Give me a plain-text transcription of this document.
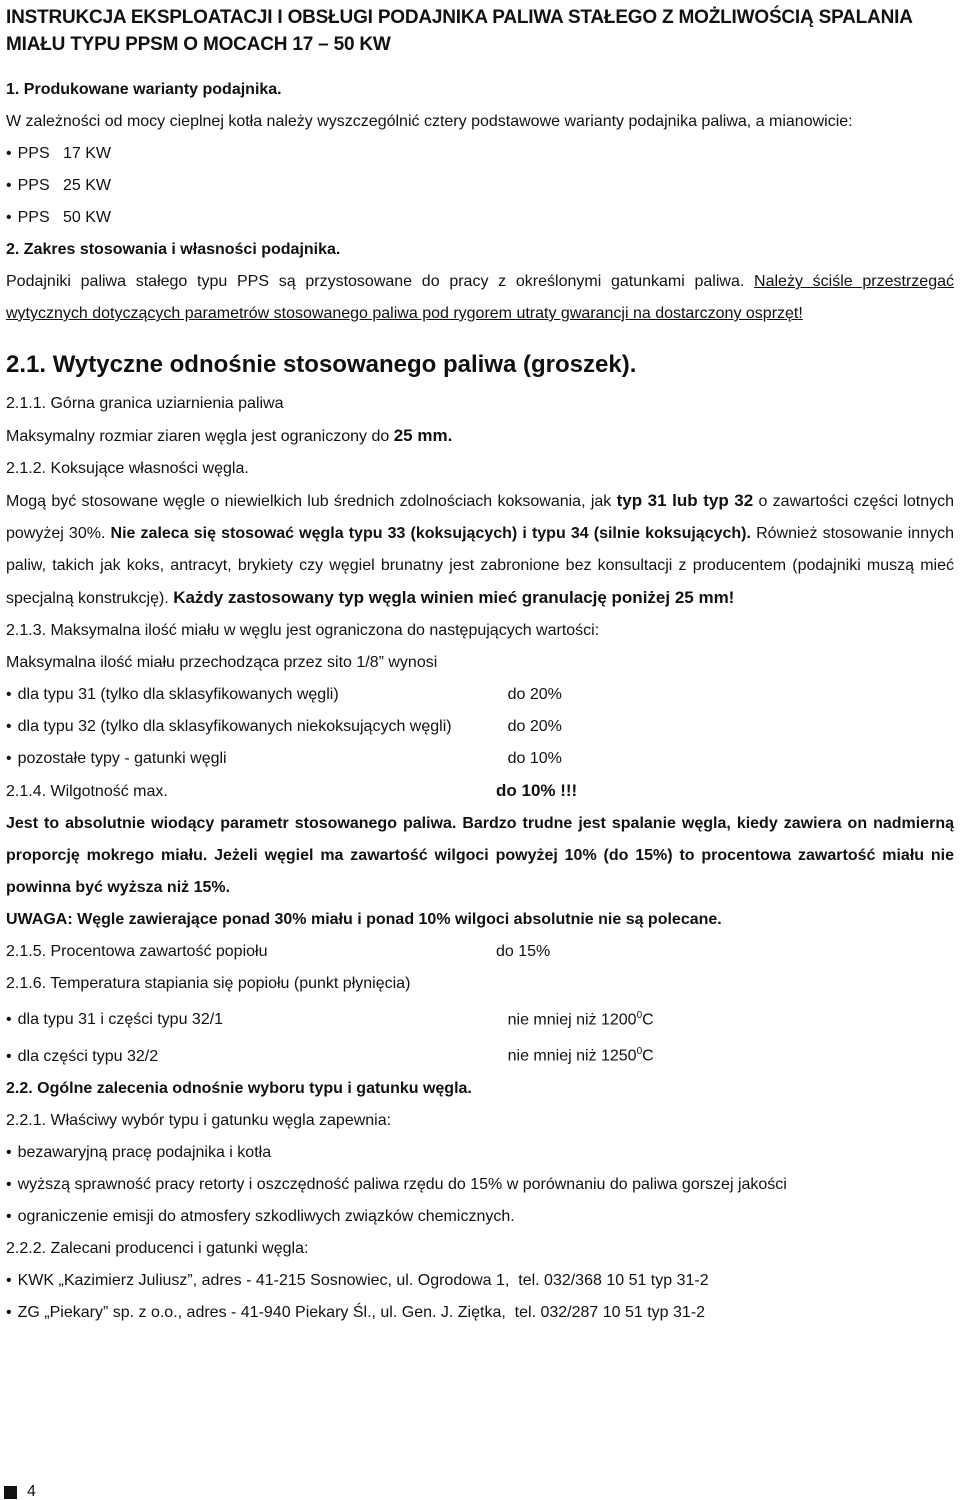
INSTRUKCJA EKSPLOATACJI I OBSŁUGI PODAJNIKA PALIWA STAŁEGO Z MOŻLIWOŚCIĄ SPALANIA MIAŁU TYPU PPSM O MOCACH 17 – 50 KW

1. Produkowane warianty podajnika.

W zależności od mocy cieplnej kotła należy wyszczególnić cztery podstawowe warianty podajnika paliwa, a mianowicie:

• PPS   17 KW

• PPS   25 KW

• PPS   50 KW

2. Zakres stosowania i własności podajnika.

Podajniki paliwa stałego typu PPS są przystosowane do pracy z określonymi gatunkami paliwa. Należy ściśle przestrzegać wytycznych dotyczących parametrów stosowanego paliwa pod rygorem utraty gwarancji na dostarczony osprzęt!

2.1. Wytyczne odnośnie stosowanego paliwa (groszek).

2.1.1. Górna granica uziarnienia paliwa

Maksymalny rozmiar ziaren węgla jest ograniczony do 25 mm.

2.1.2. Koksujące własności węgla.

Mogą być stosowane węgle o niewielkich lub średnich zdolnościach koksowania, jak typ 31 lub typ 32 o zawartości części lotnych powyżej 30%. Nie zaleca się stosować węgla typu 33 (koksujących) i typu 34 (silnie koksujących). Również stosowanie innych paliw, takich jak koks, antracyt, brykiety czy węgiel brunatny jest zabronione bez konsultacji z producentem (podajniki muszą mieć specjalną konstrukcję). Każdy zastosowany typ węgla winien mieć granulację poniżej 25 mm!

2.1.3. Maksymalna ilość miału w węglu jest ograniczona do następujących wartości:

Maksymalna ilość miału przechodząca przez sito 1/8” wynosi

• dla typu 31 (tylko dla sklasyfikowanych węgli)	do 20%

• dla typu 32 (tylko dla sklasyfikowanych niekoksujących węgli)	do 20%

• pozostałe typy - gatunki węgli	do 10%

2.1.4. Wilgotność max.	do 10% !!!

Jest to absolutnie wiodący parametr stosowanego paliwa. Bardzo trudne jest spalanie węgla, kiedy zawiera on nadmierną proporcję mokrego miału. Jeżeli węgiel ma zawartość wilgoci powyżej 10% (do 15%) to procentowa zawartość miału nie powinna być wyższa niż 15%.

UWAGA: Węgle zawierające ponad 30% miału i ponad 10% wilgoci absolutnie nie są polecane.

2.1.5. Procentowa zawartość popiołu	do 15%

2.1.6. Temperatura stapiania się popiołu (punkt płynięcia)

• dla typu 31 i części typu 32/1	nie mniej niż 1200$^0$C

• dla części typu 32/2	nie mniej niż 1250$^0$C

2.2. Ogólne zalecenia odnośnie wyboru typu i gatunku węgla.

2.2.1. Właściwy wybór typu i gatunku węgla zapewnia:

• bezawaryjną pracę podajnika i kotła

• wyższą sprawność pracy retorty i oszczędność paliwa rzędu do 15% w porównaniu do paliwa gorszej jakości

• ograniczenie emisji do atmosfery szkodliwych związków chemicznych.

2.2.2. Zalecani producenci i gatunki węgla:

• KWK „Kazimierz Juliusz”, adres - 41-215 Sosnowiec, ul. Ogrodowa 1,  tel. 032/368 10 51 typ 31-2

• ZG „Piekary” sp. z o.o., adres - 41-940 Piekary Śl., ul. Gen. J. Ziętka,  tel. 032/287 10 51 typ 31-2

4
